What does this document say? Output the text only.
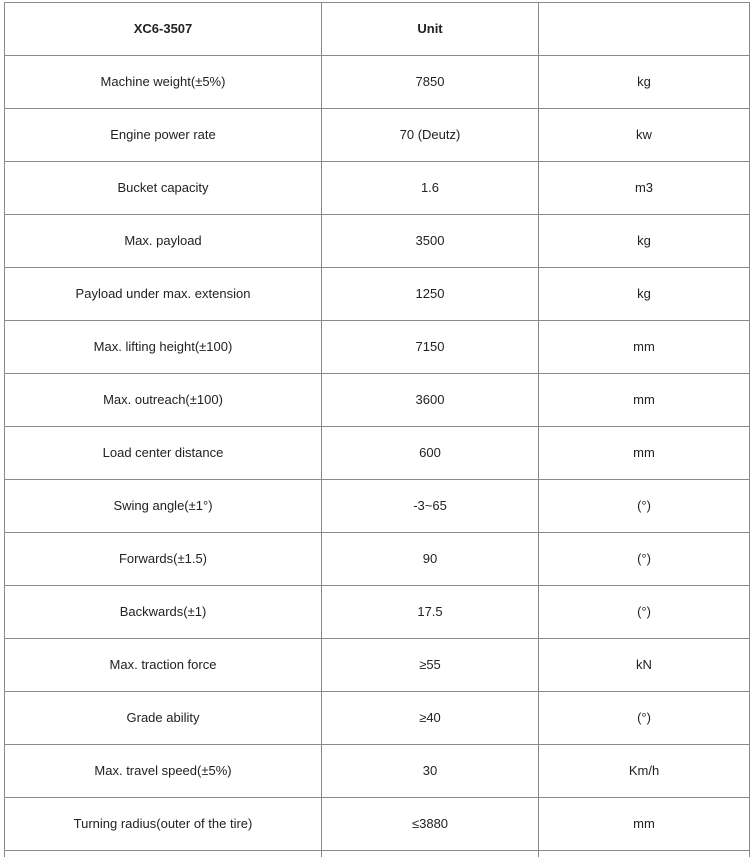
XC6-3507	Unit	
Machine weight(±5%)	7850	kg
Engine power rate	70 (Deutz)	kw
Bucket capacity	1.6	m3
Max. payload	3500	kg
Payload under max. extension	1250	kg
Max. lifting height(±100)	7150	mm
Max. outreach(±100)	3600	mm
Load center distance	600	mm
Swing angle(±1°)	-3~65	(°)
Forwards(±1.5)	90	(°)
Backwards(±1)	17.5	(°)
Max. traction force	≥55	kN
Grade ability	≥40	(°)
Max. travel speed(±5%)	30	Km/h
Turning radius(outer of the tire)	≤3880	mm
